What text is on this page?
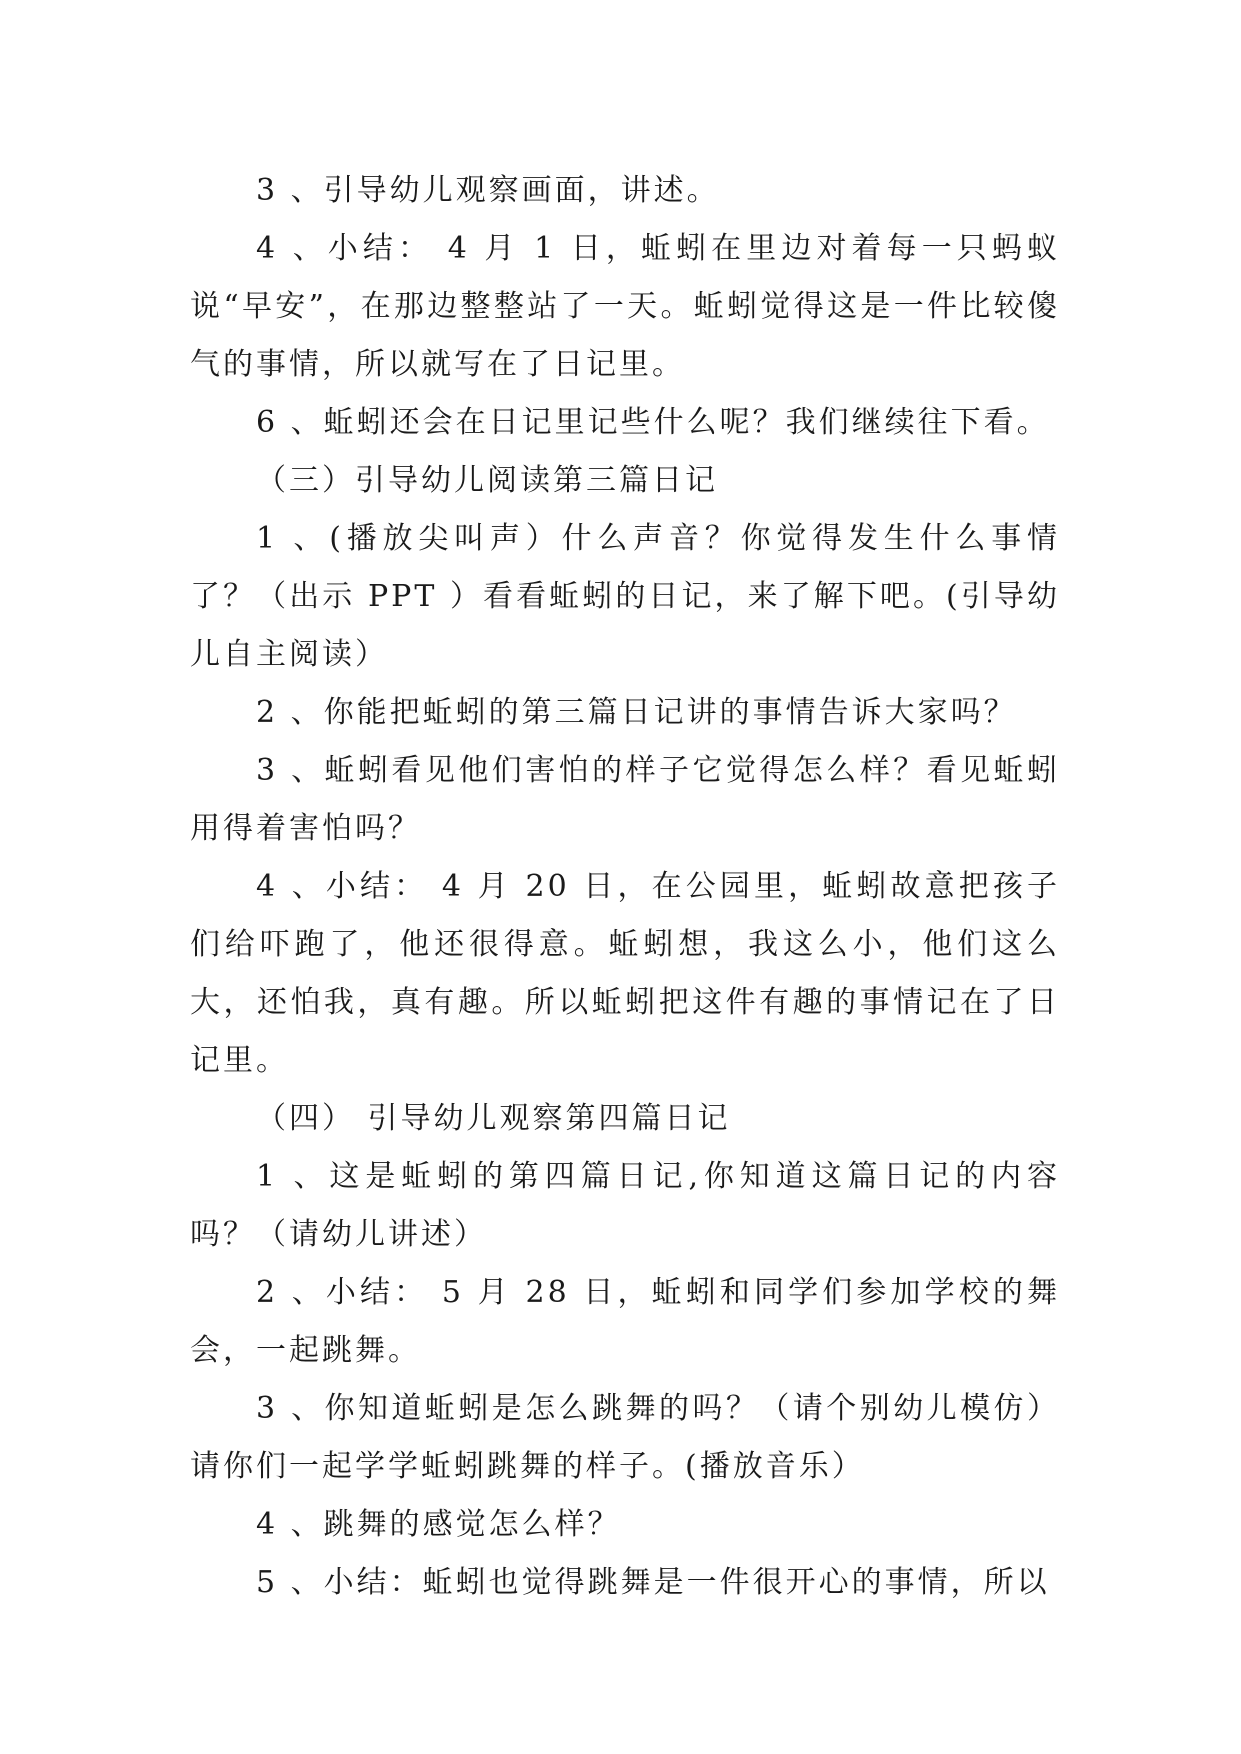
3 、引导幼儿观察画面，讲述。

4 、小结： 4 月 1 日，蚯蚓在里边对着每一只蚂蚁说“早安”，在那边整整站了一天。蚯蚓觉得这是一件比较傻气的事情，所以就写在了日记里。

6 、蚯蚓还会在日记里记些什么呢？我们继续往下看。

（三）引导幼儿阅读第三篇日记

1 、(播放尖叫声）什么声音？你觉得发生什么事情了？（出示 PPT ）看看蚯蚓的日记，来了解下吧。(引导幼儿自主阅读）

2 、你能把蚯蚓的第三篇日记讲的事情告诉大家吗？

3 、蚯蚓看见他们害怕的样子它觉得怎么样？看见蚯蚓用得着害怕吗？

4 、小结： 4 月 20 日，在公园里，蚯蚓故意把孩子们给吓跑了，他还很得意。蚯蚓想，我这么小，他们这么大，还怕我，真有趣。所以蚯蚓把这件有趣的事情记在了日记里。

（四） 引导幼儿观察第四篇日记

1 、这是蚯蚓的第四篇日记,你知道这篇日记的内容吗？（请幼儿讲述）

2 、小结： 5 月 28 日，蚯蚓和同学们参加学校的舞会，一起跳舞。

3 、你知道蚯蚓是怎么跳舞的吗？（请个别幼儿模仿）请你们一起学学蚯蚓跳舞的样子。(播放音乐）

4 、跳舞的感觉怎么样？

5 、小结：蚯蚓也觉得跳舞是一件很开心的事情，所以
